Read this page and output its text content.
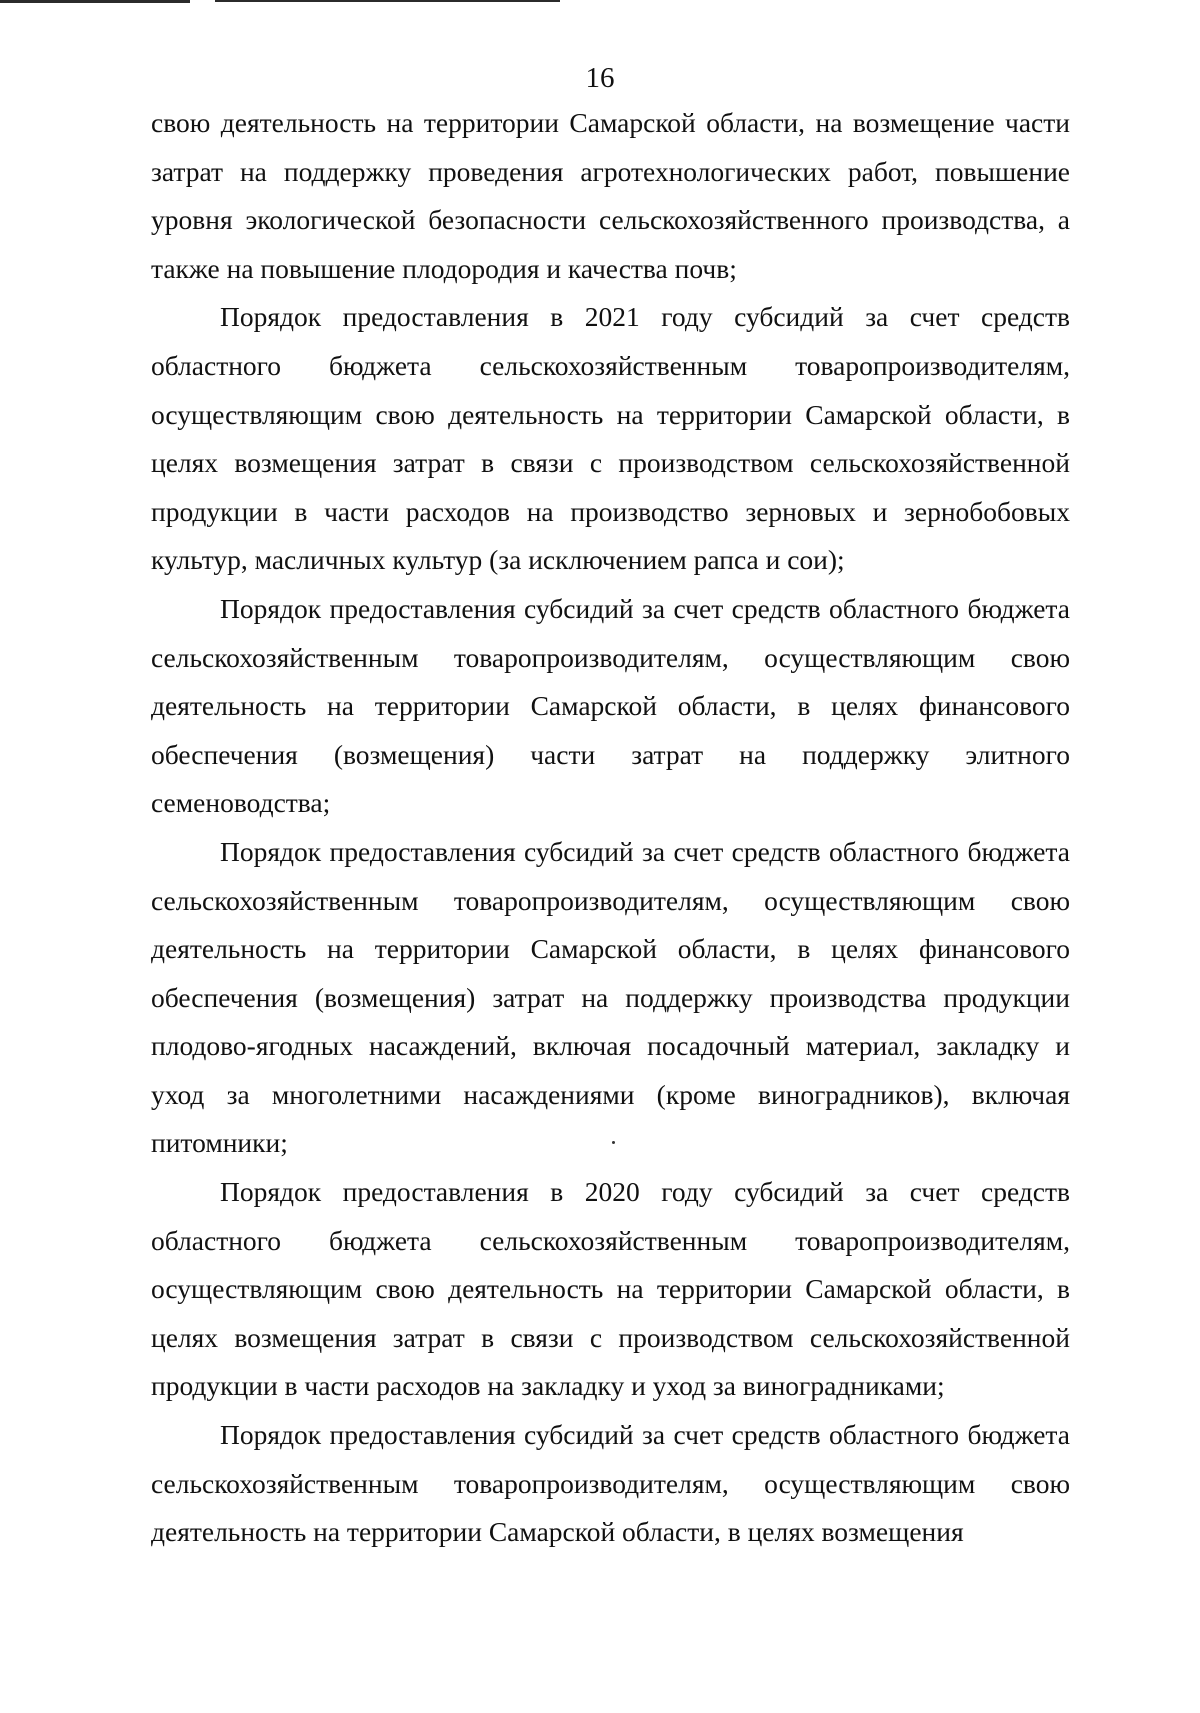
16

свою деятельность на территории Самарской области, на возмещение части затрат на поддержку проведения агротехнологических работ, повышение уровня экологической безопасности сельскохозяйственного производства, а также на повышение плодородия и качества почв;

Порядок предоставления в 2021 году субсидий за счет средств областного бюджета сельскохозяйственным товаропроизводителям, осуществляющим свою деятельность на территории Самарской области, в целях возмещения затрат в связи с производством сельскохозяйственной продукции в части расходов на производство зерновых и зернобобовых культур, масличных культур (за исключением рапса и сои);

Порядок предоставления субсидий за счет средств областного бюджета сельскохозяйственным товаропроизводителям, осуществляющим свою деятельность на территории Самарской области, в целях финансового обеспечения (возмещения) части затрат на поддержку элитного семеноводства;

Порядок предоставления субсидий за счет средств областного бюджета сельскохозяйственным товаропроизводителям, осуществляющим свою деятельность на территории Самарской области, в целях финансового обеспечения (возмещения) затрат на поддержку производства продукции плодово-ягодных насаждений, включая посадочный материал, закладку и уход за многолетними насаждениями (кроме виноградников), включая питомники;

Порядок предоставления в 2020 году субсидий за счет средств областного бюджета сельскохозяйственным товаропроизводителям, осуществляющим свою деятельность на территории Самарской области, в целях возмещения затрат в связи с производством сельскохозяйственной продукции в части расходов на закладку и уход за виноградниками;

Порядок предоставления субсидий за счет средств областного бюджета сельскохозяйственным товаропроизводителям, осуществляющим свою деятельность на территории Самарской области, в целях возмещения
